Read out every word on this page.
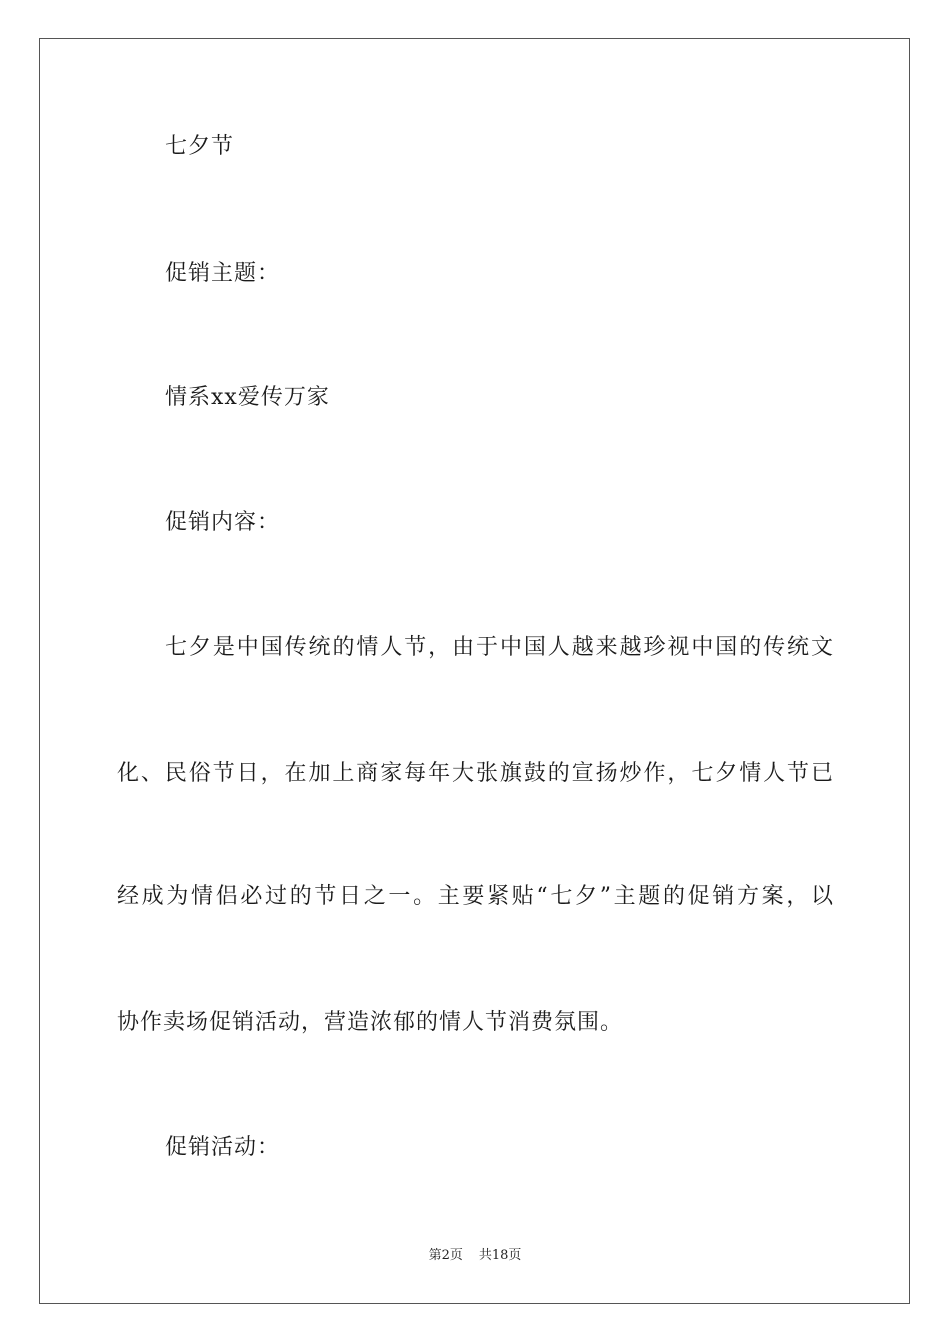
七夕节
促销主题：
情系xx爱传万家
促销内容：
七夕是中国传统的情人节，由于中国人越来越珍视中国的传统文
化、民俗节日，在加上商家每年大张旗鼓的宣扬炒作，七夕情人节已
经成为情侣必过的节日之一。主要紧贴“七夕”主题的促销方案，以
协作卖场促销活动，营造浓郁的情人节消费氛围。
促销活动：
第2页 共18页
